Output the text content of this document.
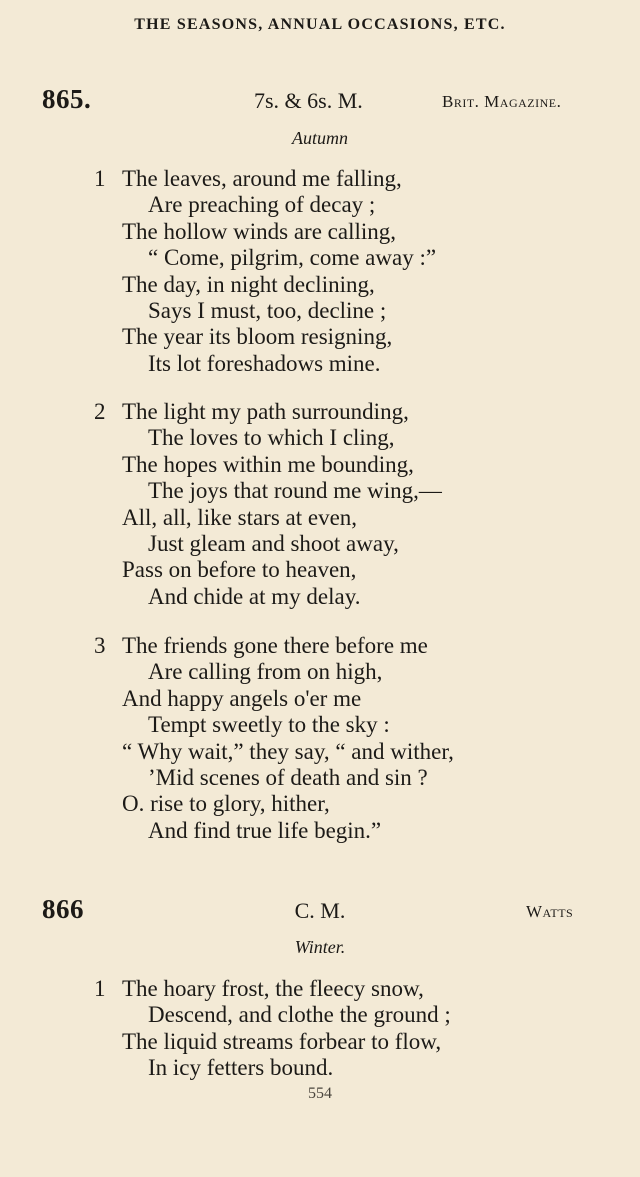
THE SEASONS, ANNUAL OCCASIONS, ETC.
865.	7s. & 6s. M.	Brit. Magazine.
Autumn
1 The leaves, around me falling,
Are preaching of decay ;
The hollow winds are calling,
“ Come, pilgrim, come away :”
The day, in night declining,
Says I must, too, decline ;
The year its bloom resigning,
Its lot foreshadows mine.
2 The light my path surrounding,
The loves to which I cling,
The hopes within me bounding,
The joys that round me wing,—
All, all, like stars at even,
Just gleam and shoot away,
Pass on before to heaven,
And chide at my delay.
3 The friends gone there before me
Are calling from on high,
And happy angels o'er me
Tempt sweetly to the sky :
“ Why wait,” they say, “ and wither,
’Mid scenes of death and sin ?
O. rise to glory, hither,
And find true life begin.”
866	C. M.	Watts
Winter.
1 The hoary frost, the fleecy snow,
Descend, and clothe the ground ;
The liquid streams forbear to flow,
In icy fetters bound.
554
